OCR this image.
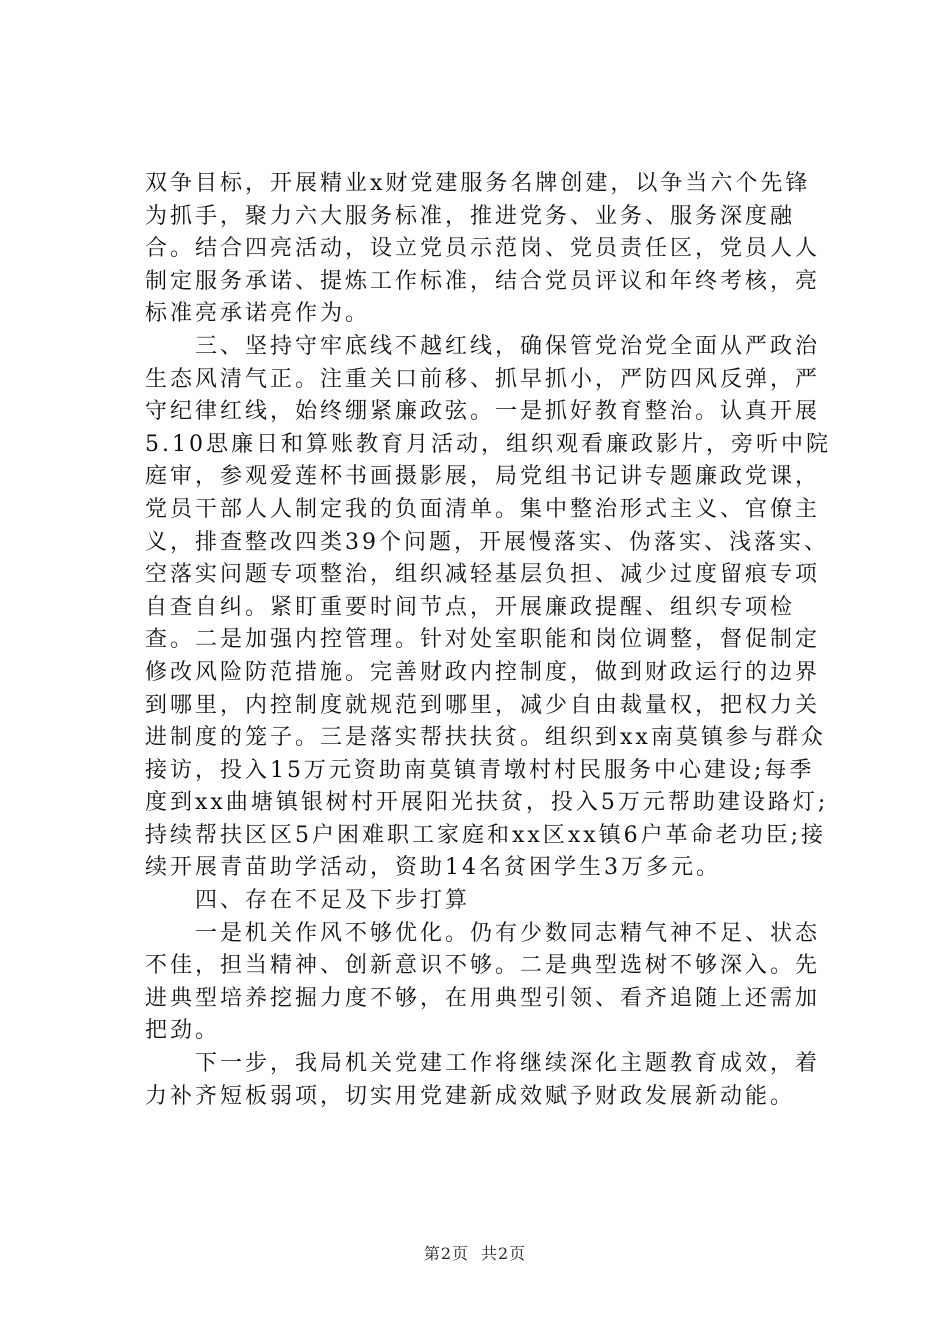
双争目标，开展精业x财党建服务名牌创建，以争当六个先锋为抓手，聚力六大服务标准，推进党务、业务、服务深度融合。结合四亮活动，设立党员示范岗、党员责任区，党员人人制定服务承诺、提炼工作标准，结合党员评议和年终考核，亮标准亮承诺亮作为。

三、坚持守牢底线不越红线，确保管党治党全面从严政治生态风清气正。注重关口前移、抓早抓小，严防四风反弹，严守纪律红线，始终绷紧廉政弦。一是抓好教育整治。认真开展5.10思廉日和算账教育月活动，组织观看廉政影片，旁听中院庭审，参观爱莲杯书画摄影展，局党组书记讲专题廉政党课，党员干部人人制定我的负面清单。集中整治形式主义、官僚主义，排查整改四类39个问题，开展慢落实、伪落实、浅落实、空落实问题专项整治，组织减轻基层负担、减少过度留痕专项自查自纠。紧盯重要时间节点，开展廉政提醒、组织专项检查。二是加强内控管理。针对处室职能和岗位调整，督促制定修改风险防范措施。完善财政内控制度，做到财政运行的边界到哪里，内控制度就规范到哪里，减少自由裁量权，把权力关进制度的笼子。三是落实帮扶扶贫。组织到xx南莫镇参与群众接访，投入15万元资助南莫镇青墩村村民服务中心建设;每季度到xx曲塘镇银树村开展阳光扶贫，投入5万元帮助建设路灯;持续帮扶区区5户困难职工家庭和xx区xx镇6户革命老功臣;接续开展青苗助学活动，资助14名贫困学生3万多元。

四、存在不足及下步打算

一是机关作风不够优化。仍有少数同志精气神不足、状态不佳，担当精神、创新意识不够。二是典型选树不够深入。先进典型培养挖掘力度不够，在用典型引领、看齐追随上还需加把劲。

下一步，我局机关党建工作将继续深化主题教育成效，着力补齐短板弱项，切实用党建新成效赋予财政发展新动能。

第2页 共2页
